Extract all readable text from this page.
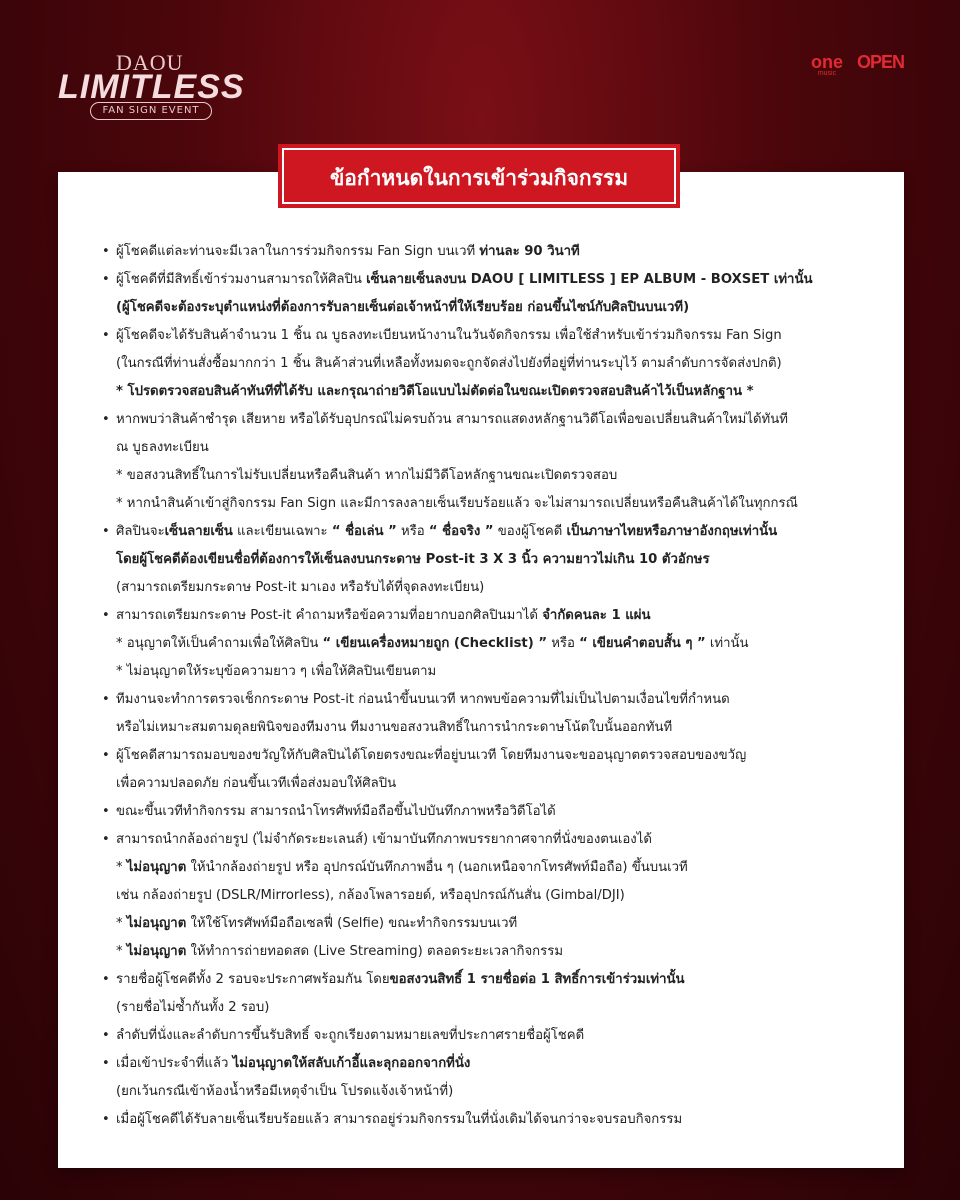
DAOU
LIMITLESS
FAN SIGN EVENT
one
music
OPEN
ข้อกำหนดในการเข้าร่วมกิจกรรม
• ผู้โชคดีแต่ละท่านจะมีเวลาในการร่วมกิจกรรม Fan Sign บนเวที ท่านละ 90 วินาที
• ผู้โชคดีที่มีสิทธิ์เข้าร่วมงานสามารถให้ศิลปิน เซ็นลายเซ็นลงบน DAOU [ LIMITLESS ] EP ALBUM - BOXSET เท่านั้น
(ผู้โชคดีจะต้องระบุตำแหน่งที่ต้องการรับลายเซ็นต่อเจ้าหน้าที่ให้เรียบร้อย ก่อนขึ้นไซน์กับศิลปินบนเวที)
• ผู้โชคดีจะได้รับสินค้าจำนวน 1 ชิ้น ณ บูธลงทะเบียนหน้างานในวันจัดกิจกรรม เพื่อใช้สำหรับเข้าร่วมกิจกรรม Fan Sign
(ในกรณีที่ท่านสั่งซื้อมากกว่า 1 ชิ้น สินค้าส่วนที่เหลือทั้งหมดจะถูกจัดส่งไปยังที่อยู่ที่ท่านระบุไว้ ตามลำดับการจัดส่งปกติ)
* โปรดตรวจสอบสินค้าทันทีที่ได้รับ และกรุณาถ่ายวิดีโอแบบไม่ตัดต่อในขณะเปิดตรวจสอบสินค้าไว้เป็นหลักฐาน *
• หากพบว่าสินค้าชำรุด เสียหาย หรือได้รับอุปกรณ์ไม่ครบถ้วน สามารถแสดงหลักฐานวิดีโอเพื่อขอเปลี่ยนสินค้าใหม่ได้ทันที
ณ บูธลงทะเบียน
* ขอสงวนสิทธิ์ในการไม่รับเปลี่ยนหรือคืนสินค้า หากไม่มีวิดีโอหลักฐานขณะเปิดตรวจสอบ
* หากนำสินค้าเข้าสู่กิจกรรม Fan Sign และมีการลงลายเซ็นเรียบร้อยแล้ว จะไม่สามารถเปลี่ยนหรือคืนสินค้าได้ในทุกกรณี
• ศิลปินจะเซ็นลายเซ็น และเขียนเฉพาะ “ ชื่อเล่น ” หรือ “ ชื่อจริง ” ของผู้โชคดี เป็นภาษาไทยหรือภาษาอังกฤษเท่านั้น
โดยผู้โชคดีต้องเขียนชื่อที่ต้องการให้เซ็นลงบนกระดาษ Post-it 3 X 3 นิ้ว ความยาวไม่เกิน 10 ตัวอักษร
(สามารถเตรียมกระดาษ Post-it มาเอง หรือรับได้ที่จุดลงทะเบียน)
• สามารถเตรียมกระดาษ Post-it คำถามหรือข้อความที่อยากบอกศิลปินมาได้ จำกัดคนละ 1 แผ่น
* อนุญาตให้เป็นคำถามเพื่อให้ศิลปิน “ เขียนเครื่องหมายถูก (Checklist) ” หรือ “ เขียนคำตอบสั้น ๆ ” เท่านั้น
* ไม่อนุญาตให้ระบุข้อความยาว ๆ เพื่อให้ศิลปินเขียนตาม
• ทีมงานจะทำการตรวจเช็กกระดาษ Post-it ก่อนนำขึ้นบนเวที หากพบข้อความที่ไม่เป็นไปตามเงื่อนไขที่กำหนด
หรือไม่เหมาะสมตามดุลยพินิจของทีมงาน ทีมงานขอสงวนสิทธิ์ในการนำกระดาษโน้ตใบนั้นออกทันที
• ผู้โชคดีสามารถมอบของขวัญให้กับศิลปินได้โดยตรงขณะที่อยู่บนเวที โดยทีมงานจะขออนุญาตตรวจสอบของขวัญ
เพื่อความปลอดภัย ก่อนขึ้นเวทีเพื่อส่งมอบให้ศิลปิน
• ขณะขึ้นเวทีทำกิจกรรม สามารถนำโทรศัพท์มือถือขึ้นไปบันทึกภาพหรือวิดีโอได้
• สามารถนำกล้องถ่ายรูป (ไม่จำกัดระยะเลนส์) เข้ามาบันทึกภาพบรรยากาศจากที่นั่งของตนเองได้
* ไม่อนุญาต ให้นำกล้องถ่ายรูป หรือ อุปกรณ์บันทึกภาพอื่น ๆ (นอกเหนือจากโทรศัพท์มือถือ) ขึ้นบนเวที
เช่น กล้องถ่ายรูป (DSLR/Mirrorless), กล้องโพลารอยด์, หรืออุปกรณ์กันสั่น (Gimbal/DJI)
* ไม่อนุญาต ให้ใช้โทรศัพท์มือถือเซลฟี่ (Selfie) ขณะทำกิจกรรมบนเวที
* ไม่อนุญาต ให้ทำการถ่ายทอดสด (Live Streaming) ตลอดระยะเวลากิจกรรม
• รายชื่อผู้โชคดีทั้ง 2 รอบจะประกาศพร้อมกัน โดยขอสงวนสิทธิ์ 1 รายชื่อต่อ 1 สิทธิ์การเข้าร่วมเท่านั้น
(รายชื่อไม่ซ้ำกันทั้ง 2 รอบ)
• ลำดับที่นั่งและลำดับการขึ้นรับสิทธิ์ จะถูกเรียงตามหมายเลขที่ประกาศรายชื่อผู้โชคดี
• เมื่อเข้าประจำที่แล้ว ไม่อนุญาตให้สลับเก้าอี้และลุกออกจากที่นั่ง
(ยกเว้นกรณีเข้าห้องน้ำหรือมีเหตุจำเป็น โปรดแจ้งเจ้าหน้าที่)
• เมื่อผู้โชคดีได้รับลายเซ็นเรียบร้อยแล้ว สามารถอยู่ร่วมกิจกรรมในที่นั่งเดิมได้จนกว่าจะจบรอบกิจกรรม
